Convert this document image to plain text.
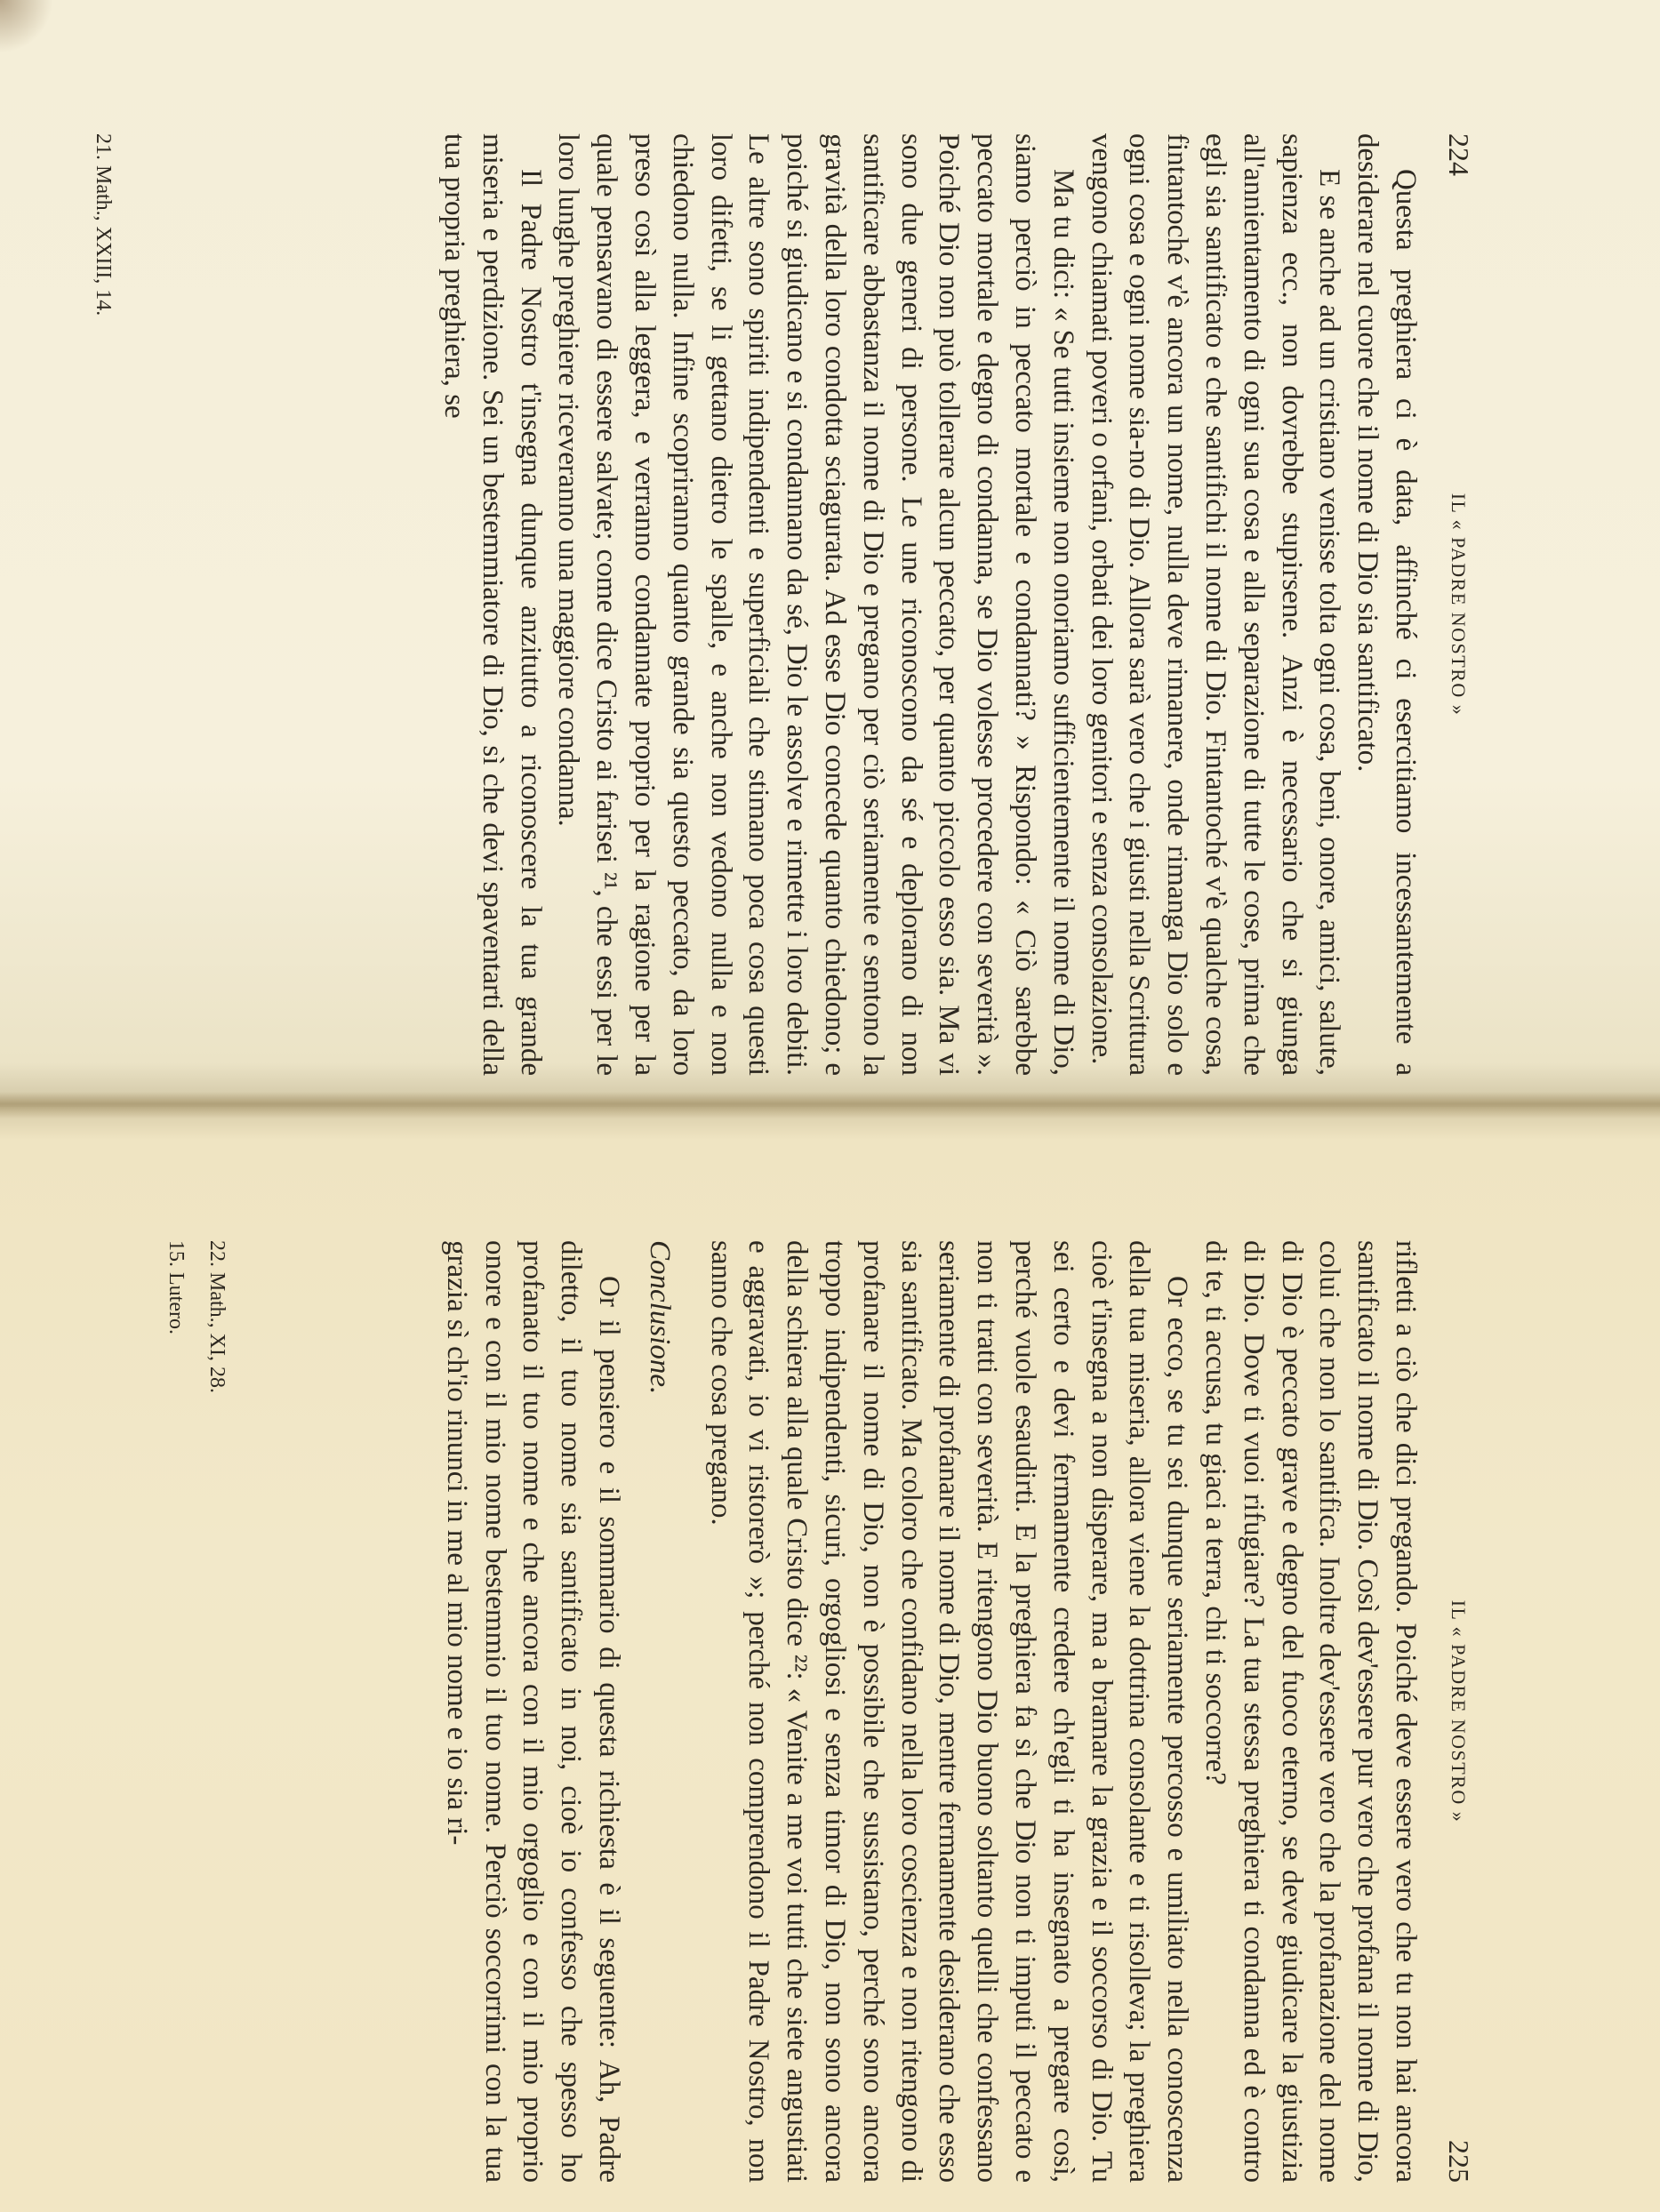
224
IL « PADRE NOSTRO »

Questa preghiera ci è data, affinché ci esercitiamo incessantemente a desiderare nel cuore che il nome di Dio sia santificato.

E se anche ad un cristiano venisse tolta ogni cosa, beni, onore, amici, salute, sapienza ecc., non dovrebbe stupirsene. Anzi è necessario che si giunga all'annientamento di ogni sua cosa e alla separazione di tutte le cose, prima che egli sia santificato e che santifichi il nome di Dio. Fintantoché v'è qualche cosa, fintantoché v'è ancora un nome, nulla deve rimanere, onde rimanga Dio solo e ogni cosa e ogni nome sia-no di Dio. Allora sarà vero che i giusti nella Scrittura vengono chiamati poveri o orfani, orbati dei loro genitori e senza consolazione.

Ma tu dici: « Se tutti insieme non onoriamo sufficientemente il nome di Dio, siamo perciò in peccato mortale e condannati? » Rispondo: « Ciò sarebbe peccato mortale e degno di condanna, se Dio volesse procedere con severità ». Poiché Dio non può tollerare alcun peccato, per quanto piccolo esso sia. Ma vi sono due generi di persone. Le une riconoscono da sé e deplorano di non santificare abbastanza il nome di Dio e pregano per ciò seriamente e sentono la gravità della loro condotta sciagurata. Ad esse Dio concede quanto chiedono; e poiché si giudicano e si condannano da sé, Dio le assolve e rimette i loro debiti. Le altre sono spiriti indipendenti e superficiali che stimano poca cosa questi loro difetti, se li gettano dietro le spalle, e anche non vedono nulla e non chiedono nulla. Infine scopriranno quanto grande sia questo peccato, da loro preso così alla leggera, e verranno condannate proprio per la ragione per la quale pensavano di essere salvate; come dice Cristo ai farisei ²¹, che essi per le loro lunghe preghiere riceveranno una maggiore condanna.

Il Padre Nostro t'insegna dunque anzitutto a riconoscere la tua grande miseria e perdizione. Sei un bestemmiatore di Dio, sì che devi spaventarti della tua propria preghiera, se

21. Math., XXIII, 14.
IL « PADRE NOSTRO »
225

rifletti a ciò che dici pregando. Poiché deve essere vero che tu non hai ancora santificato il nome di Dio. Così dev'essere pur vero che profana il nome di Dio, colui che non lo santifica. Inoltre dev'essere vero che la profanazione del nome di Dio è peccato grave e degno del fuoco eterno, se deve giudicare la giustizia di Dio. Dove ti vuoi rifugiare? La tua stessa preghiera ti condanna ed è contro di te, ti accusa, tu giaci a terra, chi ti soccorre?

Or ecco, se tu sei dunque seriamente percosso e umiliato nella conoscenza della tua miseria, allora viene la dottrina consolante e ti risolleva; la preghiera cioè t'insegna a non disperare, ma a bramare la grazia e il soccorso di Dio. Tu sei certo e devi fermamente credere ch'egli ti ha insegnato a pregare così, perché vuole esaudirti. E la preghiera fa sì che Dio non ti imputi il peccato e non ti tratti con severità. E ritengono Dio buono soltanto quelli che confessano seriamente di profanare il nome di Dio, mentre fermamente desiderano che esso sia santificato. Ma coloro che confidano nella loro coscienza e non ritengono di profanare il nome di Dio, non è possibile che sussistano, perché sono ancora troppo indipendenti, sicuri, orgogliosi e senza timor di Dio, non sono ancora della schiera alla quale Cristo dice ²²: « Venite a me voi tutti che siete angustiati e aggravati, io vi ristorerò »; perché non comprendono il Padre Nostro, non sanno che cosa pregano.

Conclusione.

Or il pensiero e il sommario di questa richiesta è il seguente: Ah, Padre diletto, il tuo nome sia santificato in noi, cioè io confesso che spesso ho profanato il tuo nome e che ancora con il mio orgoglio e con il mio proprio onore e con il mio nome bestemmio il tuo nome. Perciò soccorrimi con la tua grazia sì ch'io rinunci in me al mio nome e io sia ri-

22. Math., XI, 28.
15. Lutero.
